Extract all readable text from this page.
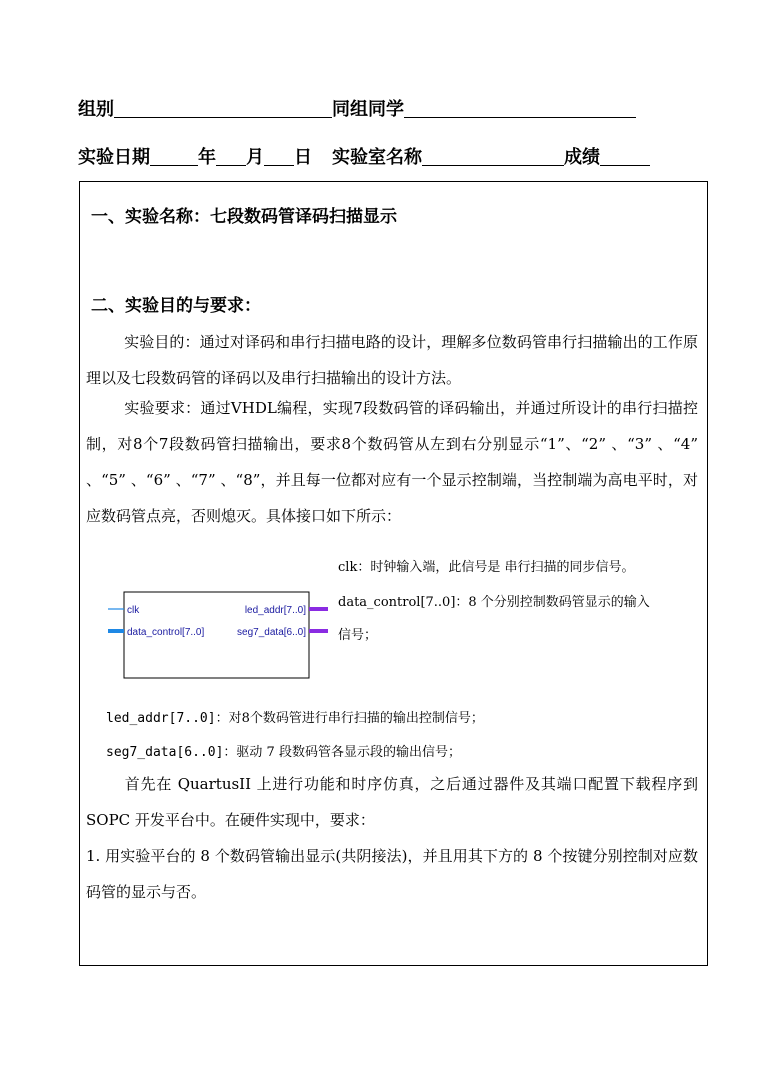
组别	同组同学
实验日期	年 月 日 实验室名称	成绩
一、实验名称：七段数码管译码扫描显示
二、实验目的与要求：
实验目的：通过对译码和串行扫描电路的设计，理解多位数码管串行扫描输出的工作原理以及七段数码管的译码以及串行扫描输出的设计方法。
实验要求：通过VHDL编程，实现7段数码管的译码输出，并通过所设计的串行扫描控制，对8个7段数码管扫描输出，要求8个数码管从左到右分别显示“1”、“2” 、“3” 、“4” 、“5” 、“6” 、“7” 、“8”，并且每一位都对应有一个显示控制端，当控制端为高电平时，对应数码管点亮，否则熄灭。具体接口如下所示：
clk：时钟输入端，此信号是 串行扫描的同步信号。
data_control[7..0]：8 个分别控制数码管显示的输入
信号；
clk
data_control[7..0]
led_addr[7..0]
seg7_data[6..0]
led_addr[7..0]：对8个数码管进行串行扫描的输出控制信号；
seg7_data[6..0]：驱动 7 段数码管各显示段的输出信号；
首先在 QuartusII 上进行功能和时序仿真，之后通过器件及其端口配置下载程序到 SOPC 开发平台中。在硬件实现中，要求：
1. 用实验平台的 8 个数码管输出显示(共阴接法)，并且用其下方的 8 个按键分别控制对应数码管的显示与否。
